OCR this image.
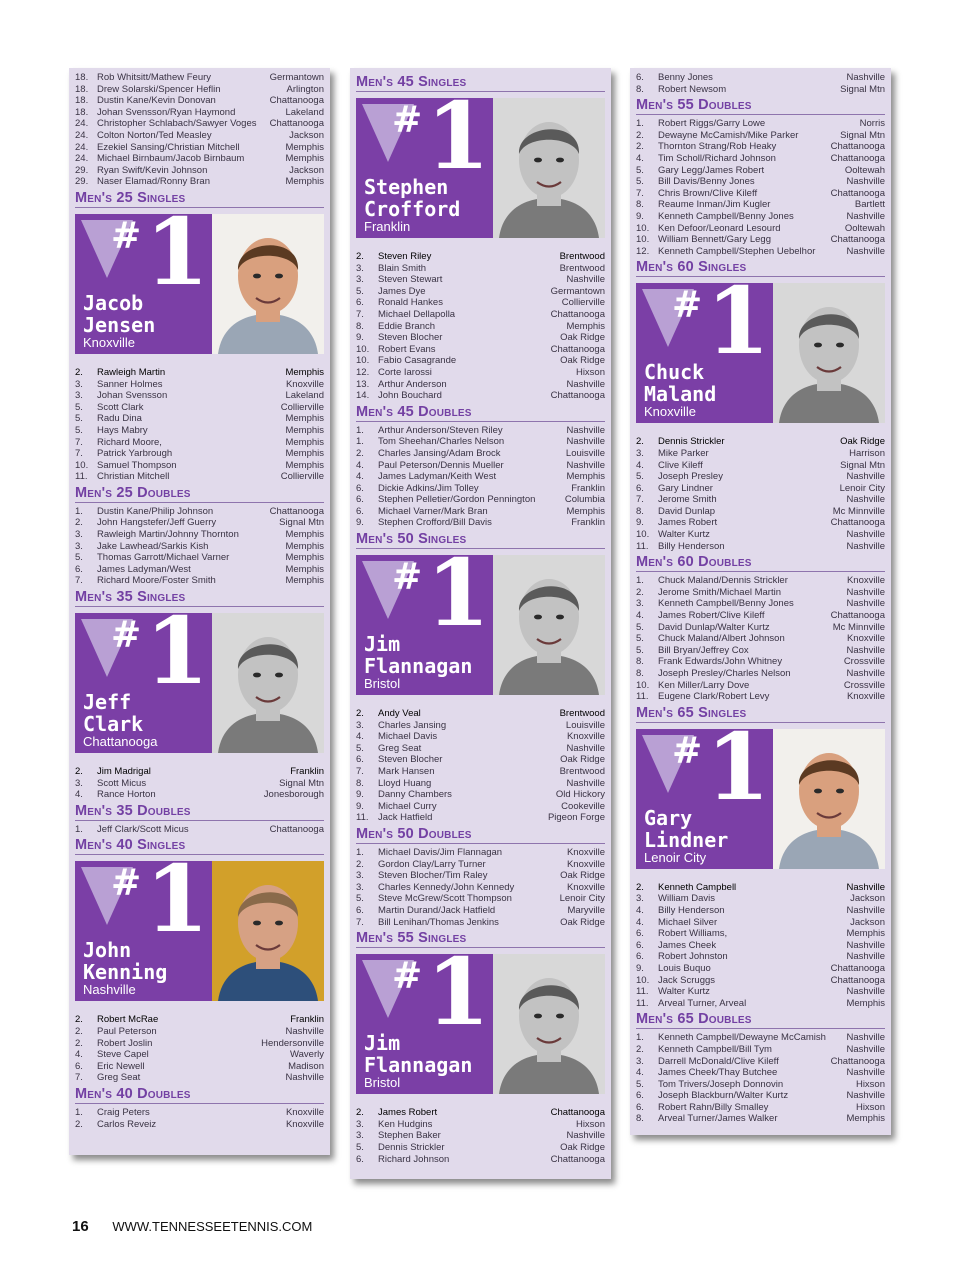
18. Rob Whitsitt/Mathew Feury	Germantown
18. Drew Solarski/Spencer Heflin	Arlington
18. Dustin Kane/Kevin Donovan	Chattanooga
18. Johan Svensson/Ryan Haymond	Lakeland
24. Christopher Schlabach/Sawyer Voges	Chattanooga
24. Colton Norton/Ted Measley	Jackson
24. Ezekiel Sansing/Christian Mitchell	Memphis
24. Michael Birnbaum/Jacob Birnbaum	Memphis
29. Ryan Swift/Kevin Johnson	Jackson
29. Naser Elamad/Ronny Bran	Memphis
Men's 25 Singles
# 1
Jacob
Jensen
Knoxville
2.	Rawleigh Martin	Memphis
3.	Sanner Holmes	Knoxville
3.	Johan Svensson	Lakeland
5.	Scott Clark	Collierville
5.	Radu Dina	Memphis
5.	Hays Mabry	Memphis
7.	Richard Moore,	Memphis
7.	Patrick Yarbrough	Memphis
10. Samuel Thompson	Memphis
11. Christian Mitchell	Collierville
Men's 25 Doubles
1.	Dustin Kane/Philip Johnson	Chattanooga
2.	John Hangstefer/Jeff Guerry	Signal Mtn
3.	Rawleigh Martin/Johnny Thornton	Memphis
3.	Jake Lawhead/Sarkis Kish	Memphis
5.	Thomas Garrott/Michael Varner	Memphis
6.	James Ladyman/West	Memphis
7.	Richard Moore/Foster Smith	Memphis
Men's 35 Singles
# 1
Jeff
Clark
Chattanooga
2.	Jim Madrigal	Franklin
3.	Scott Micus	Signal Mtn
4.	Rance Horton	Jonesborough
Men's 35 Doubles
1.	Jeff Clark/Scott Micus	Chattanooga
Men's 40 Singles
# 1
John
Kenning
Nashville
2.	Robert McRae	Franklin
2.	Paul Peterson	Nashville
2.	Robert Joslin	Hendersonville
4.	Steve Capel	Waverly
6.	Eric Newell	Madison
7.	Greg Seat	Nashville
Men's 40 Doubles
1.	Craig Peters	Knoxville
2.	Carlos Reveiz	Knoxville
Men's 45 Singles
# 1
Stephen
Crofford
Franklin
2.	Steven Riley	Brentwood
3.	Blain Smith	Brentwood
3.	Steven Stewart	Nashville
5.	James Dye	Germantown
6.	Ronald Hankes	Collierville
7.	Michael Dellapolla	Chattanooga
8.	Eddie Branch	Memphis
9.	Steven Blocher	Oak Ridge
10. Robert Evans	Chattanooga
10. Fabio Casagrande	Oak Ridge
12. Corte Iarossi	Hixson
13. Arthur Anderson	Nashville
14. John Bouchard	Chattanooga
Men's 45 Doubles
1.	Arthur Anderson/Steven Riley	Nashville
1.	Tom Sheehan/Charles Nelson	Nashville
2.	Charles Jansing/Adam Brock	Louisville
4.	Paul Peterson/Dennis Mueller	Nashville
4.	James Ladyman/Keith West	Memphis
6.	Dickie Adkins/Jim Tolley	Franklin
6.	Stephen Pelletier/Gordon Pennington	Columbia
6.	Michael Varner/Mark Bran	Memphis
9.	Stephen Crofford/Bill Davis	Franklin
Men's 50 Singles
# 1
Jim
Flannagan
Bristol
2.	Andy Veal	Brentwood
3.	Charles Jansing	Louisville
4.	Michael Davis	Knoxville
5.	Greg Seat	Nashville
6.	Steven Blocher	Oak Ridge
7.	Mark Hansen	Brentwood
8.	Lloyd Huang	Nashville
9.	Danny Chambers	Old Hickory
9.	Michael Curry	Cookeville
11. Jack Hatfield	Pigeon Forge
Men's 50 Doubles
1.	Michael Davis/Jim Flannagan	Knoxville
2.	Gordon Clay/Larry Turner	Knoxville
3.	Steven Blocher/Tim Raley	Oak Ridge
3.	Charles Kennedy/John Kennedy	Knoxville
5.	Steve McGrew/Scott Thompson	Lenoir City
6.	Martin Durand/Jack Hatfield	Maryville
7.	Bill Lenihan/Thomas Jenkins	Oak Ridge
Men's 55 Singles
# 1
Jim
Flannagan
Bristol
2.	James Robert	Chattanooga
3.	Ken Hudgins	Hixson
3.	Stephen Baker	Nashville
5.	Dennis Strickler	Oak Ridge
6.	Richard Johnson	Chattanooga
6.	Benny Jones	Nashville
8.	Robert Newsom	Signal Mtn
Men's 55 Doubles
1.	Robert Riggs/Garry Lowe	Norris
2.	Dewayne McCamish/Mike Parker	Signal Mtn
2.	Thornton Strang/Rob Heaky	Chattanooga
4.	Tim Scholl/Richard Johnson	Chattanooga
5.	Gary Legg/James Robert	Ooltewah
5.	Bill Davis/Benny Jones	Nashville
7.	Chris Brown/Clive Kileff	Chattanooga
8.	Reaume Inman/Jim Kugler	Bartlett
9.	Kenneth Campbell/Benny Jones	Nashville
10. Ken Defoor/Leonard Lesourd	Ooltewah
10. William Bennett/Gary Legg	Chattanooga
12. Kenneth Campbell/Stephen Uebelhor	Nashville
Men's 60 Singles
# 1
Chuck
Maland
Knoxville
2.	Dennis Strickler	Oak Ridge
3.	Mike Parker	Harrison
4.	Clive Kileff	Signal Mtn
5.	Joseph Presley	Nashville
6.	Gary Lindner	Lenoir City
7.	Jerome Smith	Nashville
8.	David Dunlap	Mc Minnville
9.	James Robert	Chattanooga
10. Walter Kurtz	Nashville
11. Billy Henderson	Nashville
Men's 60 Doubles
1.	Chuck Maland/Dennis Strickler	Knoxville
2.	Jerome Smith/Michael Martin	Nashville
3.	Kenneth Campbell/Benny Jones	Nashville
4.	James Robert/Clive Kileff	Chattanooga
5.	David Dunlap/Walter Kurtz	Mc Minnville
5.	Chuck Maland/Albert Johnson	Knoxville
5.	Bill Bryan/Jeffrey Cox	Nashville
8.	Frank Edwards/John Whitney	Crossville
8.	Joseph Presley/Charles Nelson	Nashville
10. Ken Miller/Larry Dove	Crossville
11. Eugene Clark/Robert Levy	Knoxville
Men's 65 Singles
# 1
Gary
Lindner
Lenoir City
2.	Kenneth Campbell	Nashville
3.	William Davis	Jackson
4.	Billy Henderson	Nashville
4.	Michael Silver	Jackson
6.	Robert Williams,	Memphis
6.	James Cheek	Nashville
6.	Robert Johnston	Nashville
9.	Louis Buquo	Chattanooga
10. Jack Scruggs	Chattanooga
11. Walter Kurtz	Nashville
11. Arveal Turner, Arveal	Memphis
Men's 65 Doubles
1.	Kenneth Campbell/Dewayne McCamish	Nashville
2.	Kenneth Campbell/Bill Tym	Nashville
3.	Darrell McDonald/Clive Kileff	Chattanooga
4.	James Cheek/Thay Butchee	Nashville
5.	Tom Trivers/Joseph Donnovin	Hixson
6.	Joseph Blackburn/Walter Kurtz	Nashville
6.	Robert Rahn/Billy Smalley	Hixson
8.	Arveal Turner/James Walker	Memphis
16 WWW.TENNESSEETENNIS.COM
